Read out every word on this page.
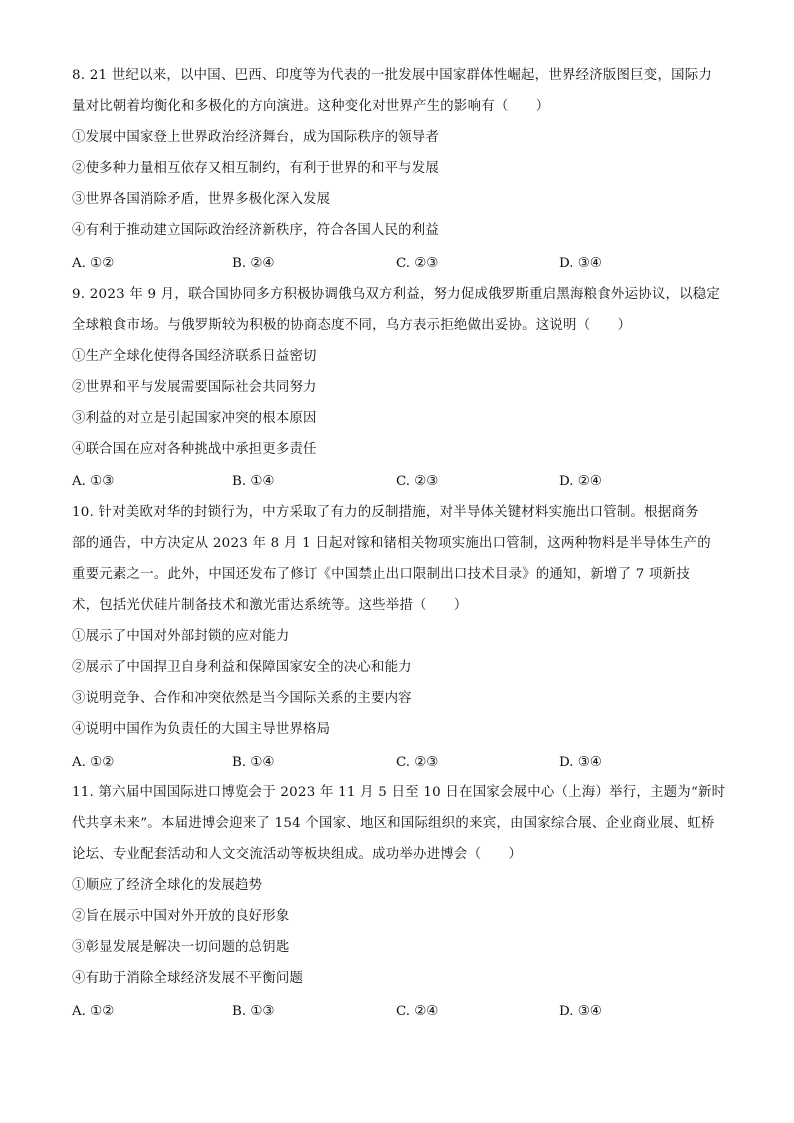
8. 21 世纪以来，以中国、巴西、印度等为代表的一批发展中国家群体性崛起，世界经济版图巨变，国际力
量对比朝着均衡化和多极化的方向演进。这种变化对世界产生的影响有（　　）
①发展中国家登上世界政治经济舞台，成为国际秩序的领导者
②使多种力量相互依存又相互制约，有利于世界的和平与发展
③世界各国消除矛盾，世界多极化深入发展
④有利于推动建立国际政治经济新秩序，符合各国人民的利益
A. ①②	B. ②④	C. ②③	D. ③④
9. 2023 年 9 月，联合国协同多方积极协调俄乌双方利益，努力促成俄罗斯重启黑海粮食外运协议，以稳定
全球粮食市场。与俄罗斯较为积极的协商态度不同，乌方表示拒绝做出妥协。这说明（　　）
①生产全球化使得各国经济联系日益密切
②世界和平与发展需要国际社会共同努力
③利益的对立是引起国家冲突的根本原因
④联合国在应对各种挑战中承担更多责任
A. ①③	B. ①④	C. ②③	D. ②④
10. 针对美欧对华的封锁行为，中方采取了有力的反制措施，对半导体关键材料实施出口管制。根据商务
部的通告，中方决定从 2023 年 8 月 1 日起对镓和锗相关物项实施出口管制，这两种物料是半导体生产的
重要元素之一。此外，中国还发布了修订《中国禁止出口限制出口技术目录》的通知，新增了 7 项新技
术，包括光伏硅片制备技术和激光雷达系统等。这些举措（　　）
①展示了中国对外部封锁的应对能力
②展示了中国捍卫自身利益和保障国家安全的决心和能力
③说明竞争、合作和冲突依然是当今国际关系的主要内容
④说明中国作为负责任的大国主导世界格局
A. ①②	B. ①④	C. ②③	D. ③④
11. 第六届中国国际进口博览会于 2023 年 11 月 5 日至 10 日在国家会展中心（上海）举行，主题为“新时
代共享未来”。本届进博会迎来了 154 个国家、地区和国际组织的来宾，由国家综合展、企业商业展、虹桥
论坛、专业配套活动和人文交流活动等板块组成。成功举办进博会（　　）
①顺应了经济全球化的发展趋势
②旨在展示中国对外开放的良好形象
③彰显发展是解决一切问题的总钥匙
④有助于消除全球经济发展不平衡问题
A. ①②	B. ①③	C. ②④	D. ③④
